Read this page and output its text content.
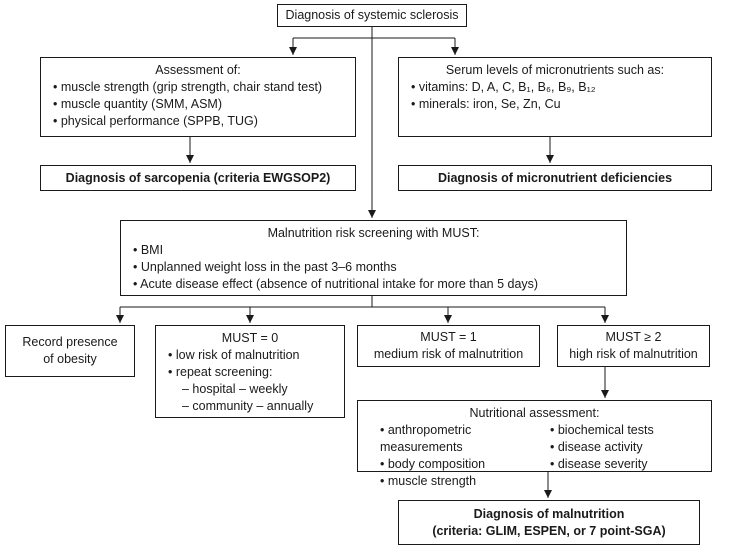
Diagnosis of systemic sclerosis
Assessment of:
• muscle strength (grip strength, chair stand test)
• muscle quantity (SMM, ASM)
• physical performance (SPPB, TUG)
Diagnosis of sarcopenia (criteria EWGSOP2)
Serum levels of micronutrients such as:
• vitamins: D, A, C, B₁, B₆, B₉, B₁₂
• minerals: iron, Se, Zn, Cu
Diagnosis of micronutrient deficiencies
Malnutrition risk screening with MUST:
• BMI
• Unplanned weight loss in the past 3–6 months
• Acute disease effect (absence of nutritional intake for more than 5 days)
Record presence
of obesity
MUST = 0
• low risk of malnutrition
• repeat screening:
– hospital – weekly
– community – annually
MUST = 1
medium risk of malnutrition
MUST ≥ 2
high risk of malnutrition
Nutritional assessment:
• anthropometric measurements
• body composition
• muscle strength
• biochemical tests
• disease activity
• disease severity
Diagnosis of malnutrition
(criteria: GLIM, ESPEN, or 7 point-SGA)
